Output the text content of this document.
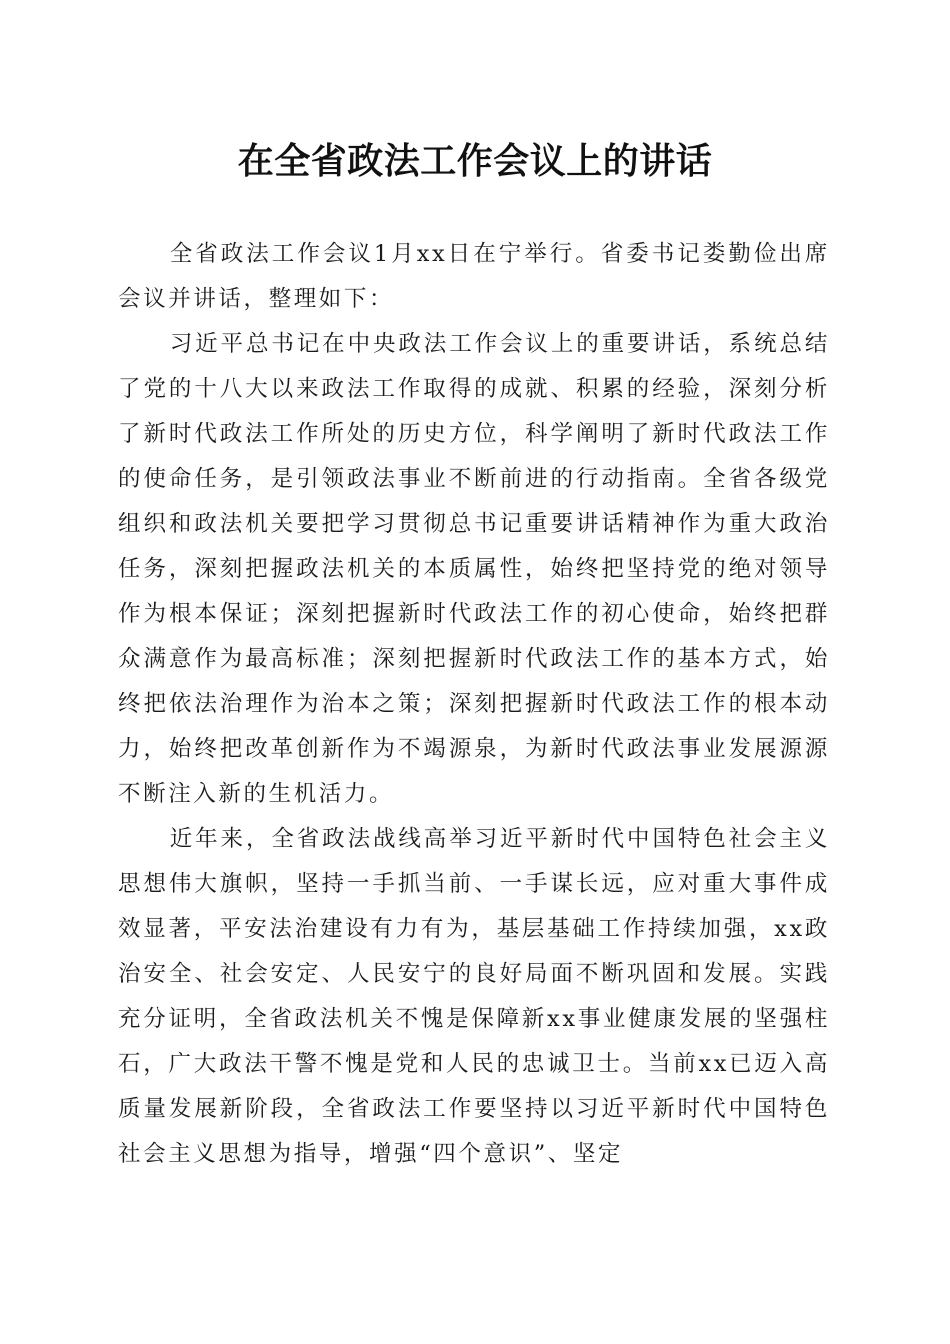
在全省政法工作会议上的讲话

全省政法工作会议1月xx日在宁举行。省委书记娄勤俭出席会议并讲话，整理如下：

习近平总书记在中央政法工作会议上的重要讲话，系统总结了党的十八大以来政法工作取得的成就、积累的经验，深刻分析了新时代政法工作所处的历史方位，科学阐明了新时代政法工作的使命任务，是引领政法事业不断前进的行动指南。全省各级党组织和政法机关要把学习贯彻总书记重要讲话精神作为重大政治任务，深刻把握政法机关的本质属性，始终把坚持党的绝对领导作为根本保证；深刻把握新时代政法工作的初心使命，始终把群众满意作为最高标准；深刻把握新时代政法工作的基本方式，始终把依法治理作为治本之策；深刻把握新时代政法工作的根本动力，始终把改革创新作为不竭源泉，为新时代政法事业发展源源不断注入新的生机活力。

近年来，全省政法战线高举习近平新时代中国特色社会主义思想伟大旗帜，坚持一手抓当前、一手谋长远，应对重大事件成效显著，平安法治建设有力有为，基层基础工作持续加强，xx政治安全、社会安定、人民安宁的良好局面不断巩固和发展。实践充分证明，全省政法机关不愧是保障新xx事业健康发展的坚强柱石，广大政法干警不愧是党和人民的忠诚卫士。当前xx已迈入高质量发展新阶段，全省政法工作要坚持以习近平新时代中国特色社会主义思想为指导，增强“四个意识”、坚定
